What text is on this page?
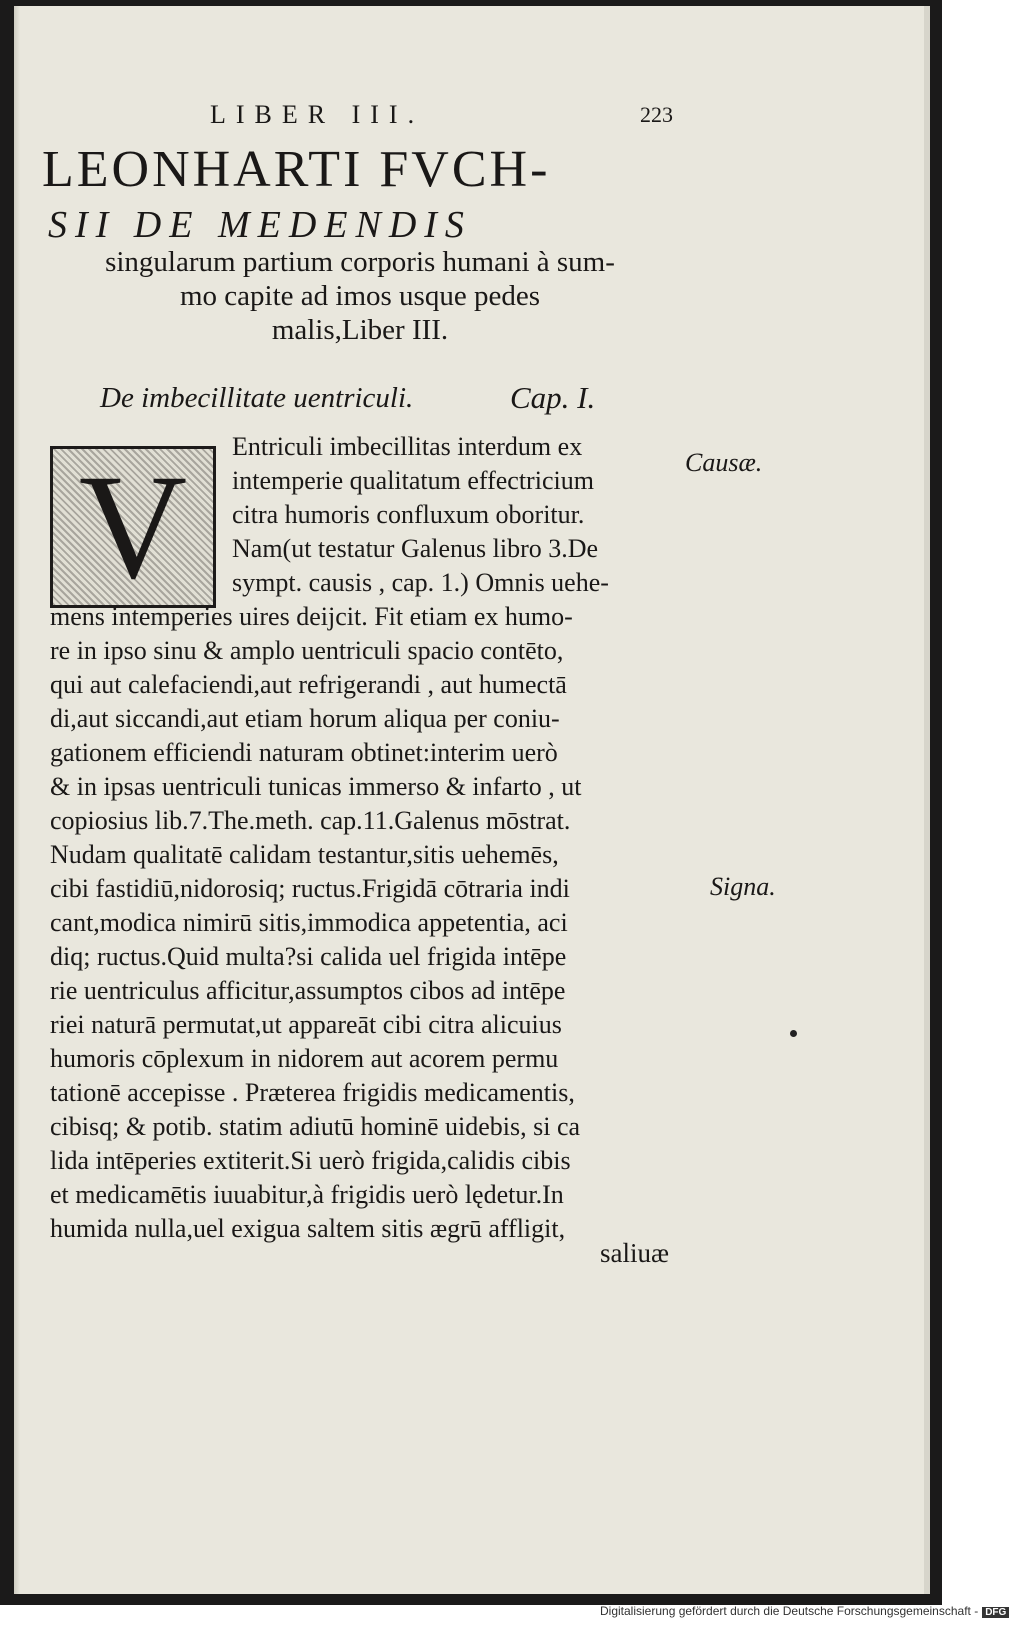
LIBER III.	223
LEONHARTI FVCH-
SII DE MEDENDIS
singularum partium corporis humani à sum-
mo capite ad imos usque pedes
malis,Liber III.
De imbecillitate uentriculi.	Cap. I.
V	Entriculi imbecillitas interdum ex
intemperie qualitatum effectricium
citra humoris confluxum oboritur.
Nam(ut testatur Galenus libro 3.De
sympt. causis , cap. 1.) Omnis uehe-
mens intemperies uires deijcit. Fit etiam ex humo-
re in ipso sinu & amplo uentriculi spacio contēto,
qui aut calefaciendi,aut refrigerandi , aut humectā
di,aut siccandi,aut etiam horum aliqua per coniu-
gationem efficiendi naturam obtinet:interim uerò
& in ipsas uentriculi tunicas immerso & infarto , ut
copiosius lib.7.The.meth. cap.11.Galenus mōstrat.
Nudam qualitatē calidam testantur,sitis uehemēs,
cibi fastidiū,nidorosiq; ructus.Frigidā cōtraria indi
cant,modica nimirū sitis,immodica appetentia, aci
diq; ructus.Quid multa?si calida uel frigida intēpe
rie uentriculus afficitur,assumptos cibos ad intēpe
riei naturā permutat,ut appareāt cibi citra alicuius
humoris cōplexum in nidorem aut acorem permu
tationē accepisse . Præterea frigidis medicamentis,
cibisq; & potib. statim adiutū hominē uidebis, si ca
lida intēperies extiterit.Si uerò frigida,calidis cibis
et medicamētis iuuabitur,à frigidis uerò lędetur.In
humida nulla,uel exigua saltem sitis ægrū affligit,
Causæ.
Signa.
saliuæ
Digitalisierung gefördert durch die Deutsche Forschungsgemeinschaft - DFG
